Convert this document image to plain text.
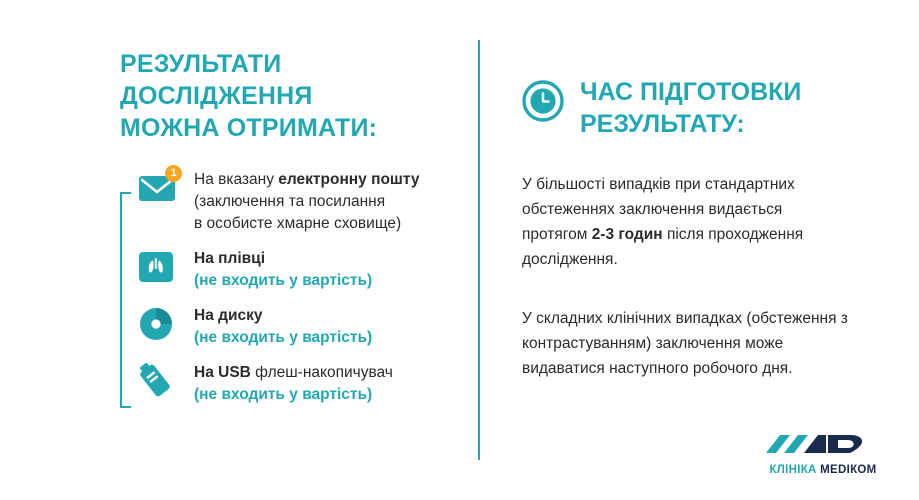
РЕЗУЛЬТАТИ
ДОСЛІДЖЕННЯ
МОЖНА ОТРИМАТИ:
1	На вказану електронну пошту
(заключення та посилання
в особисте хмарне сховище)
На плівці
(не входить у вартість)
На диску
(не входить у вартість)
На USB флеш-накопичувач
(не входить у вартість)
ЧАС ПІДГОТОВКИ
РЕЗУЛЬТАТУ:

У більшості випадків при стандартних обстеженнях заключення видається протягом 2-3 годин після проходження дослідження.

У складних клінічних випадках (обстеження з контрастуванням) заключення може видаватися наступного робочого дня.

КЛІНІКА МЕDIКОМ
